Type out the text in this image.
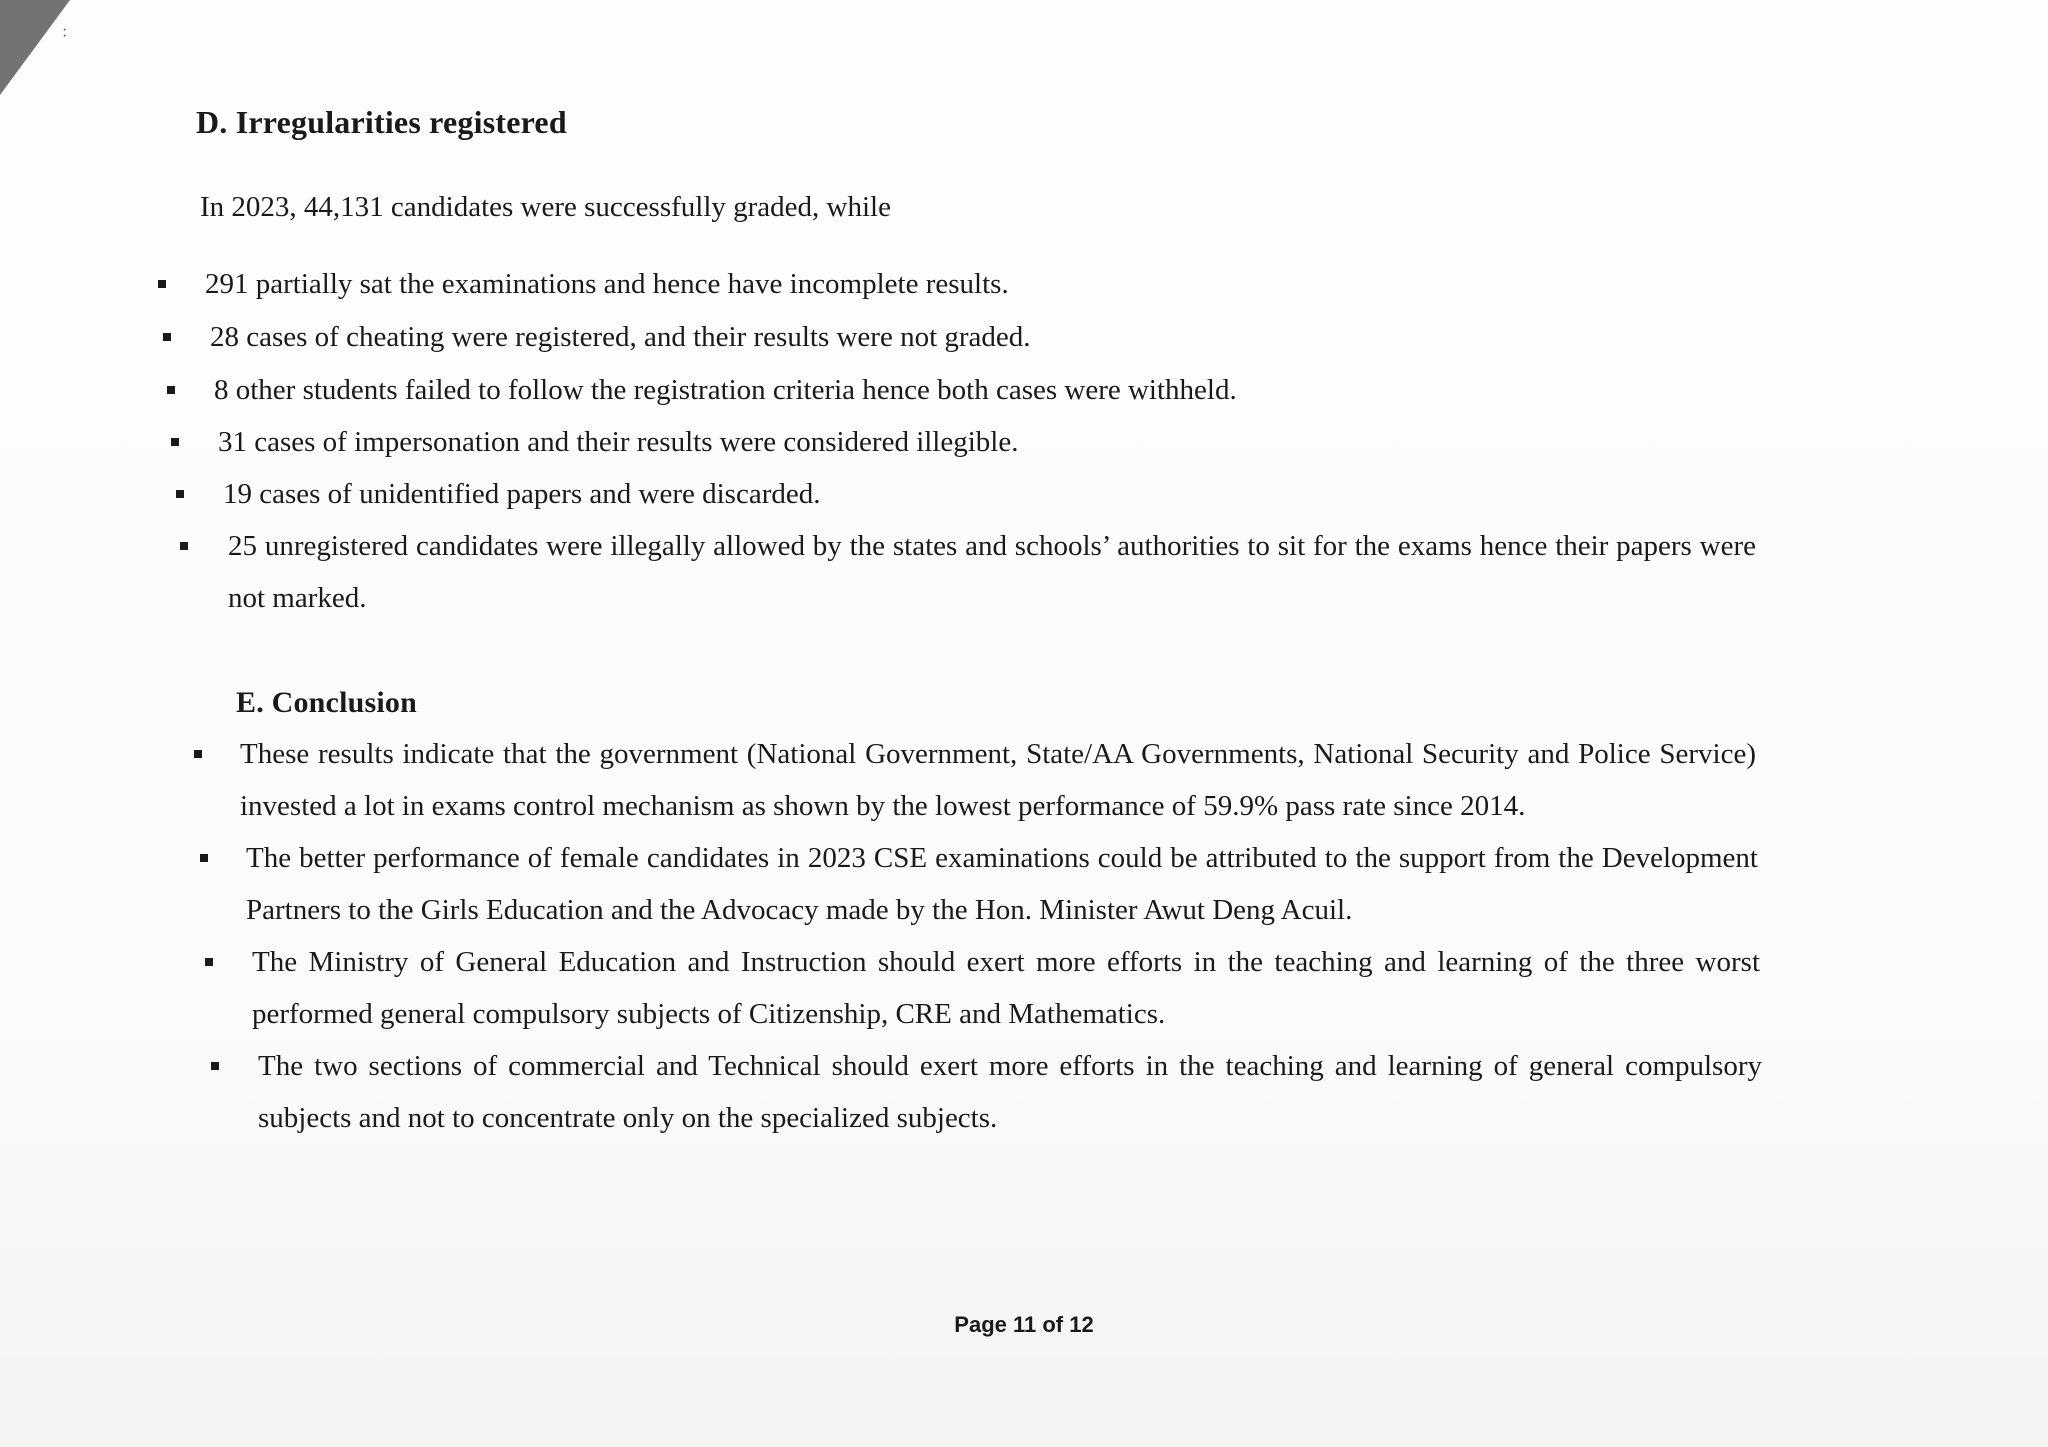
· ·
D. Irregularities registered
In 2023, 44,131 candidates were successfully graded, while
291 partially sat the examinations and hence have incomplete results.
28 cases of cheating were registered, and their results were not graded.
8 other students failed to follow the registration criteria hence both cases were withheld.
31 cases of impersonation and their results were considered illegible.
19 cases of unidentified papers and were discarded.
25 unregistered candidates were illegally allowed by the states and schools’ authorities to sit for the exams hence their papers were not marked.
E. Conclusion
These results indicate that the government (National Government, State/AA Governments, National Security and Police Service) invested a lot in exams control mechanism as shown by the lowest performance of 59.9% pass rate since 2014.
The better performance of female candidates in 2023 CSE examinations could be attributed to the support from the Development Partners to the Girls Education and the Advocacy made by the Hon. Minister Awut Deng Acuil.
The Ministry of General Education and Instruction should exert more efforts in the teaching and learning of the three worst performed general compulsory subjects of Citizenship, CRE and Mathematics.
The two sections of commercial and Technical should exert more efforts in the teaching and learning of general compulsory subjects and not to concentrate only on the specialized subjects.
Page 11 of 12
